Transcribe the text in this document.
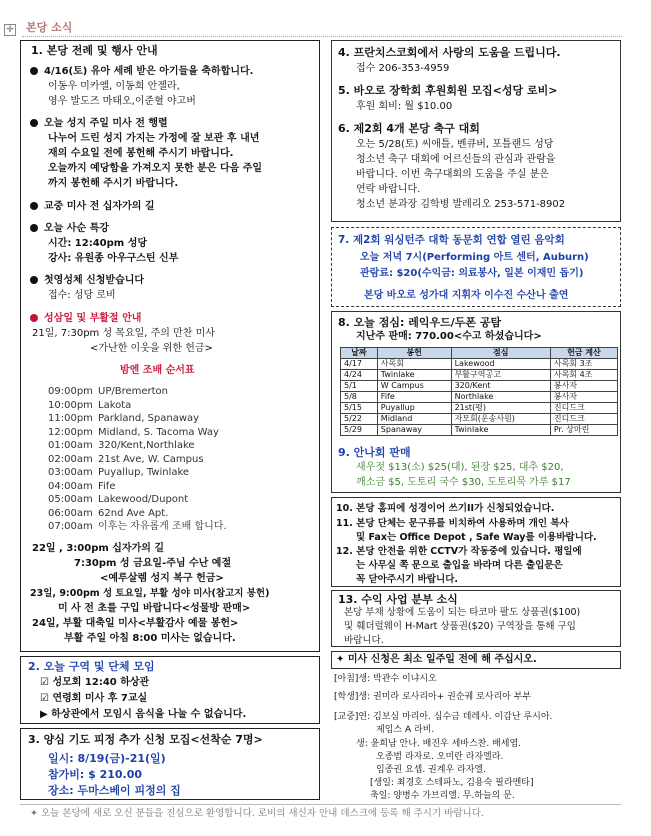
✛ 본당 소식
1. 본당 전례 및 행사 안내
4/16(토) 유아 세례 받은 아기들을 축하합니다.
이동우 미카엘, 이동희 안젤라,
영우 발도즈 마태오,이준혈 야고버
오늘 성지 주일 미사 전 행렬
나누어 드린 성지 가지는 가정에 잘 보관 후 내년
재의 수요일 전에 봉헌해 주시기 바랍니다.
오늘까지 예당함을 가져오지 못한 분은 다음 주일
까지 봉헌해 주시기 바랍니다.
교중 미사 전 십자가의 길
오늘 사순 특강
시간: 12:40pm 성당
강사: 유원종 아우구스틴 신부
첫영성체 신청받습니다
접수: 성당 로비
성삼일 및 부활절 안내
21일, 7:30pm 성 목요일, 주의 만찬 미사
<가난한 이웃을 위한 헌금>
밤엔 조배 순서표
09:00pm UP/Bremerton
10:00pm Lakota
11:00pm Parkland, Spanaway
12:00pm Midland, S. Tacoma Way
01:00am 320/Kent,Northlake
02:00am 21st Ave, W. Campus
03:00am Puyallup, Twinlake
04:00am Fife
05:00am Lakewood/Dupont
06:00am 62nd Ave Apt.
07:00am 이후는 자유롭게 조배 합니다.
22일 , 3:00pm 십자가의 길
7:30pm 성 금요일-주님 수난 예절
<예루살렘 성지 복구 헌금>
23일, 9:00pm 성 토요일, 부활 성야 미사(참고지 봉헌)
미 사 전 초를 구입 바랍니다<성물방 판매>
24일, 부활 대축일 미사<부활감사 예물 봉헌>
부활 주일 아침 8:00 미사는 없습니다.
2. 오늘 구역 및 단체 모임
☑ 성모회 12:40 하상관
☑ 연령회 미사 후 7교실
▶ 하상관에서 모임시 음식을 나눌 수 없습니다.
3. 양심 기도 피정 추가 신청 모집<선착순 7명>
일시: 8/19(금)-21(일)
참가비: $ 210.00
장소: 두마스베이 피정의 집
4. 프란치스코회에서 사랑의 도움을 드립니다.
접수 206-353-4959
5. 바오로 장학회 후원회원 모집<성당 로비>
후원 회비: 월 $10.00
6. 제2회 4개 본당 축구 대회
오는 5/28(토) 씨애틀, 벤큐버, 포틀랜드 성당
청소년 축구 대회에 어르신들의 관심과 관람을
바랍니다. 이번 축구대회의 도움을 주실 분은
연락 바랍니다.
청소년 분과장 김학병 발레리오 253-571-8902
7. 제2회 워싱턴주 대학 동문회 연합 열린 음악회
오늘 저녁 7시(Performing 아트 센터, Auburn)
관람료: $20(수익금: 의료봉사, 일본 이재민 돕기)
본당 바오로 성가대 지휘자 이수진 수산나 출연
8. 오늘 점심: 레익우드/두폰 공탐
지난주 판매: 770.00<수고 하셨습니다>
날짜	봉헌	점심	헌금 계산
4/17	사목회	Lakewood	사목회 3조
4/24	Twinlake	부활구역공고	사목회 4조
5/1	W Campus	320/Kent	봉사자
5/8	Fife	Northlake	봉사자
5/15	Puyallup	21st(평)	진디드크
5/22	Midland	자모회(운송사원)	진디드크
5/29	Spanaway	Twinlake	Pr. 상마린
9. 안나회 판매
새우젓 $13(소) $25(대), 된장 $25, 대추 $20,
깨소금 $5, 도토리 국수 $30, 도토리묵 가루 $17
10. 본당 홈피에 성경이어 쓰기II가 신청되었습니다.
11. 본당 단체는 문구류를 비치하여 사용하며 개인 복사
및 Fax는 Office Depot , Safe Way를 이용바랍니다.
12. 본당 안전을 위한 CCTV가 작동중에 있습니다. 평일에
는 사무실 쪽 문으로 출입을 바라며 다른 출입문은
꼭 닫아주시기 바랍니다.
13. 수익 사업 분부 소식
본당 부채 상황에 도움이 되는 타코마 팔도 상품권($100)
및 훼더럴웨이 H-Mart 상품권($20) 구역장을 통해 구입
바랍니다.
✦ 미사 신청은 최소 일주일 전에 해 주십시오.
[아침]생: 박관수 이냐시오
[학생]생: 권미라 로사리아+ 권순궤 로사리아 부부
[교중]연: 김보심 마리아. 심수금 데레사. 이갑난 루시아.
제임스 A 라비.
생: 윤희남 안나. 배진우 세바스찬. 배세엽.
오종범 라자로. 오미란 라자엘라.
임종권 요셉. 권계우 라자엘.
[생일: 최경호 스테파노, 김용숙 필라멘타]
축일: 양병수 가브리엘. 무.하늘의 문.
✦ 오늘 본당에 새로 오신 분들을 진심으로 환영합니다. 로비의 새신자 안내 데스크에 등록 해 주시기 바랍니다.
